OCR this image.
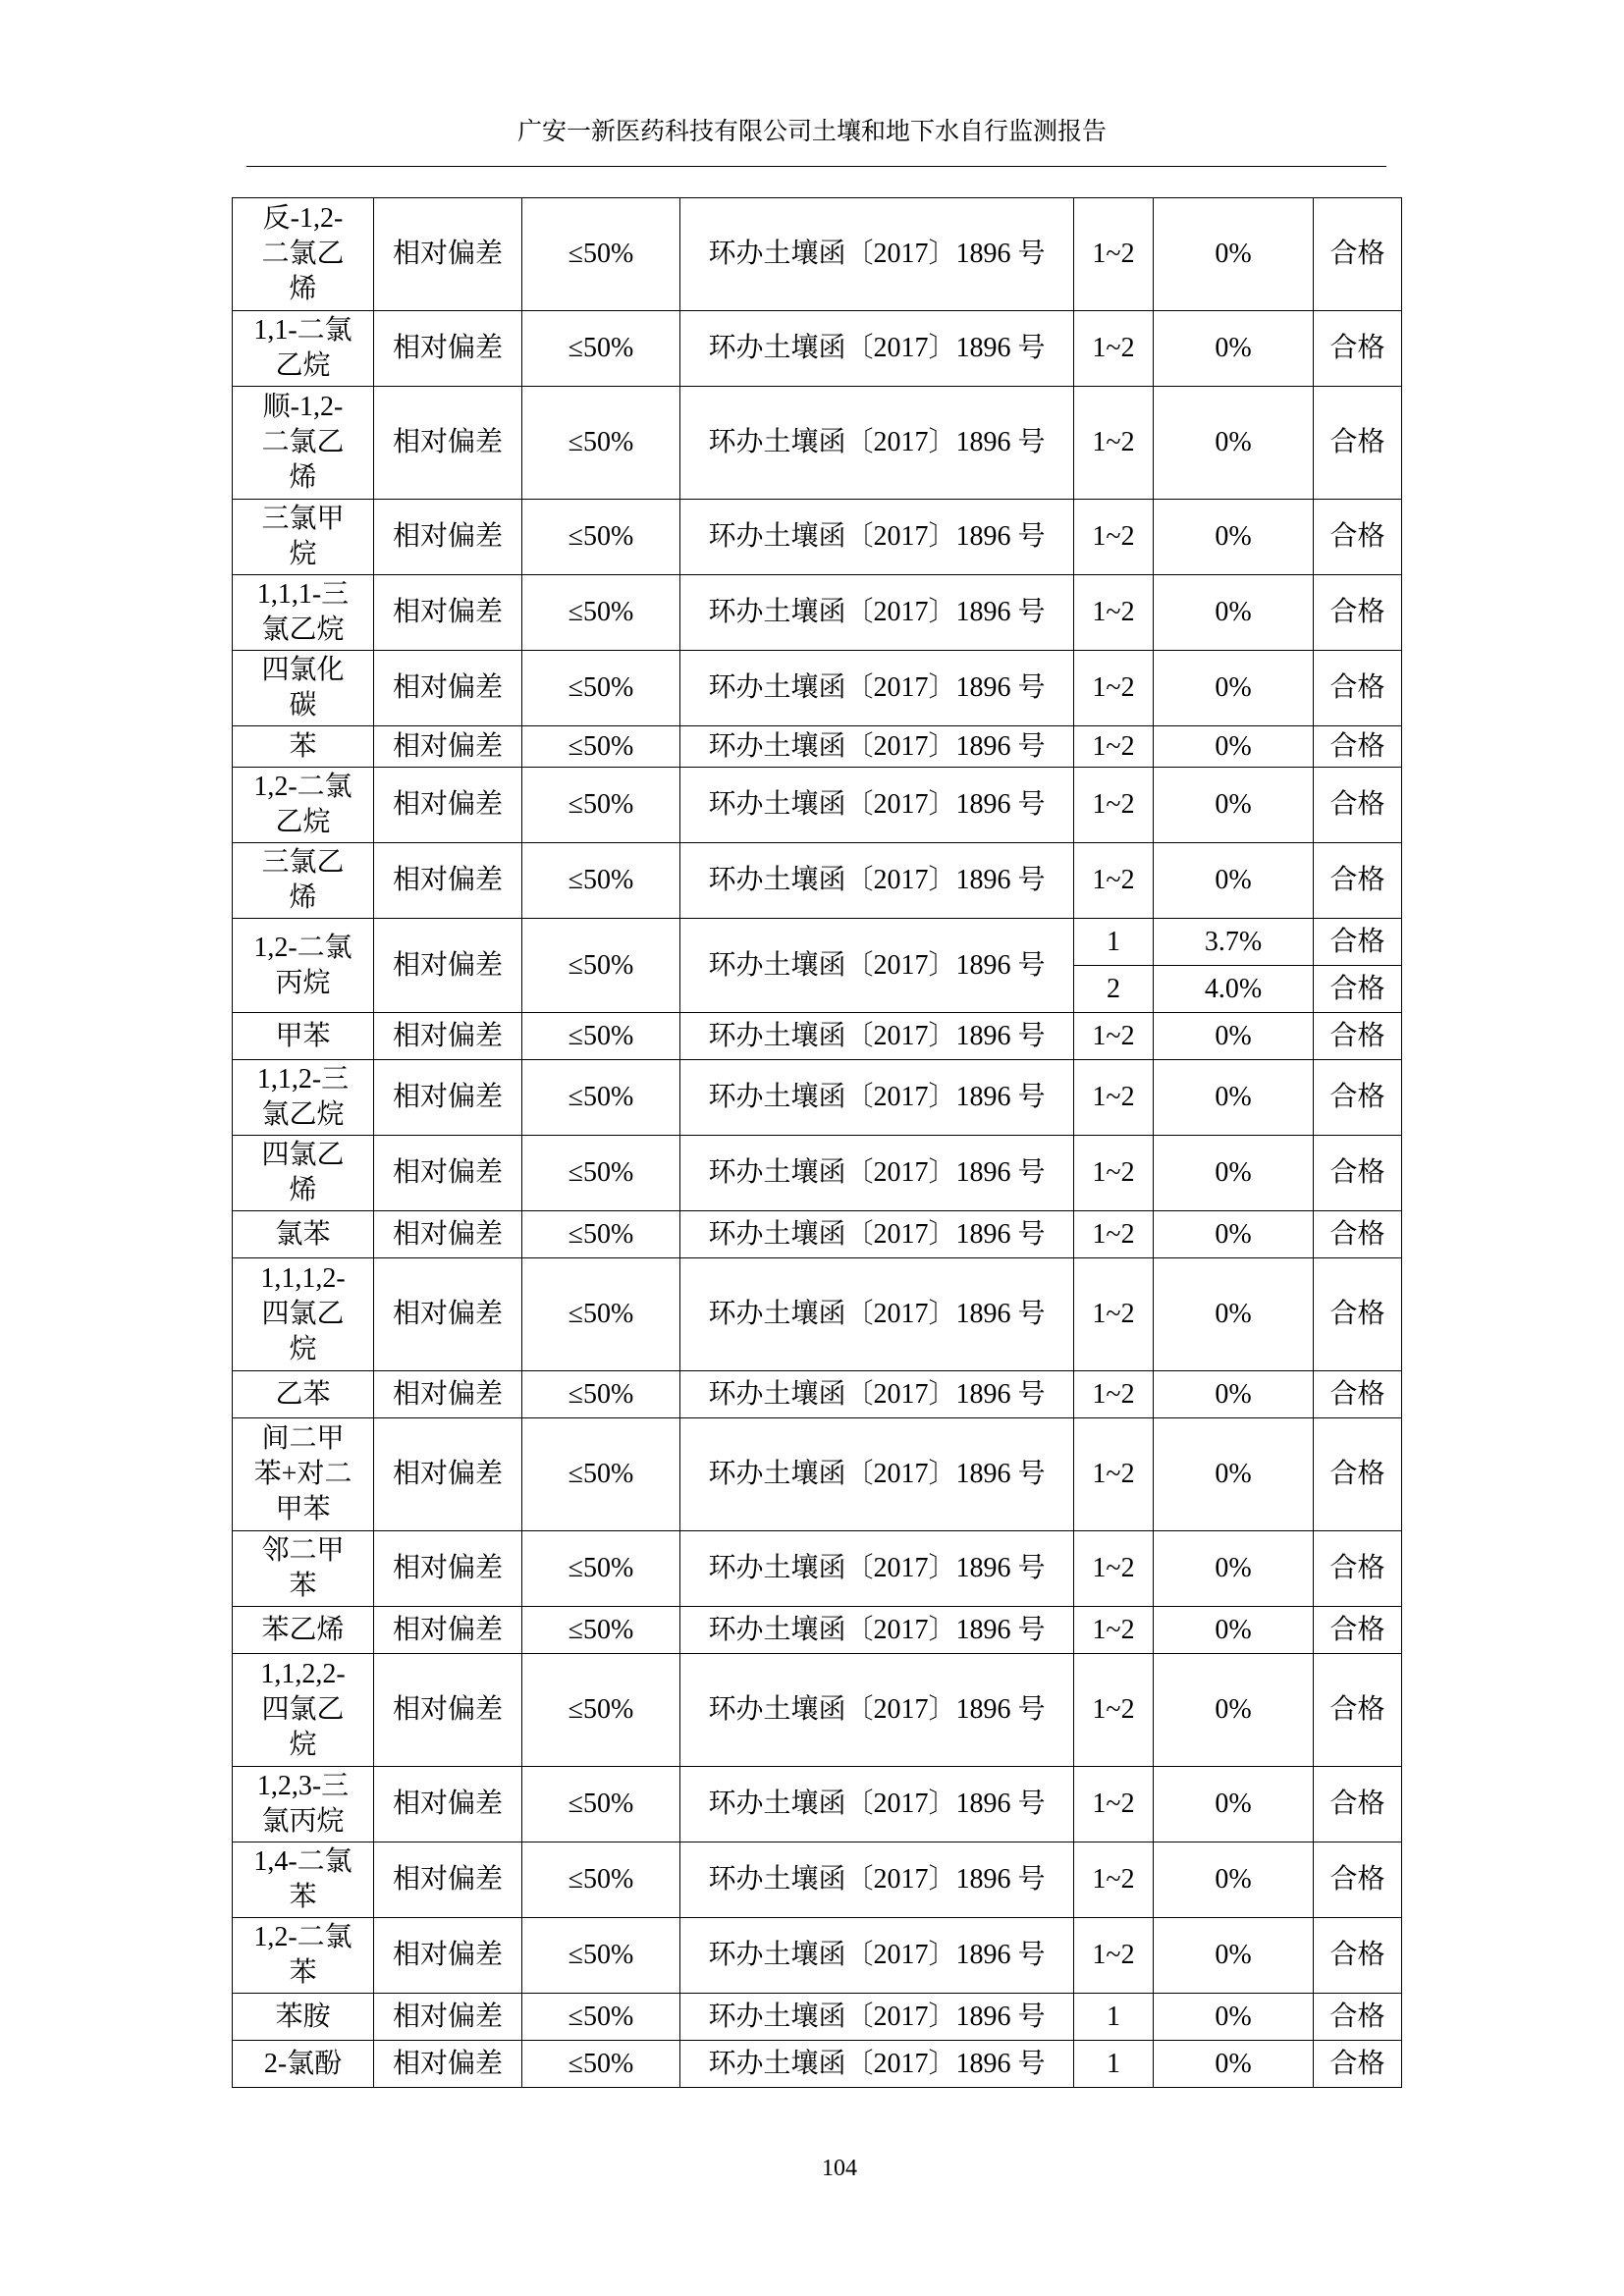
广安一新医药科技有限公司土壤和地下水自行监测报告
反-1,2-
二氯乙
烯	相对偏差	≤50%	环办土壤函〔2017〕1896 号	1~2	0%	合格
1,1-二氯
乙烷	相对偏差	≤50%	环办土壤函〔2017〕1896 号	1~2	0%	合格
顺-1,2-
二氯乙
烯	相对偏差	≤50%	环办土壤函〔2017〕1896 号	1~2	0%	合格
三氯甲
烷	相对偏差	≤50%	环办土壤函〔2017〕1896 号	1~2	0%	合格
1,1,1-三
氯乙烷	相对偏差	≤50%	环办土壤函〔2017〕1896 号	1~2	0%	合格
四氯化
碳	相对偏差	≤50%	环办土壤函〔2017〕1896 号	1~2	0%	合格
苯	相对偏差	≤50%	环办土壤函〔2017〕1896 号	1~2	0%	合格
1,2-二氯
乙烷	相对偏差	≤50%	环办土壤函〔2017〕1896 号	1~2	0%	合格
三氯乙
烯	相对偏差	≤50%	环办土壤函〔2017〕1896 号	1~2	0%	合格
1,2-二氯
丙烷	相对偏差	≤50%	环办土壤函〔2017〕1896 号	1	3.7%	合格
				2	4.0%	合格
甲苯	相对偏差	≤50%	环办土壤函〔2017〕1896 号	1~2	0%	合格
1,1,2-三
氯乙烷	相对偏差	≤50%	环办土壤函〔2017〕1896 号	1~2	0%	合格
四氯乙
烯	相对偏差	≤50%	环办土壤函〔2017〕1896 号	1~2	0%	合格
氯苯	相对偏差	≤50%	环办土壤函〔2017〕1896 号	1~2	0%	合格
1,1,1,2-
四氯乙
烷	相对偏差	≤50%	环办土壤函〔2017〕1896 号	1~2	0%	合格
乙苯	相对偏差	≤50%	环办土壤函〔2017〕1896 号	1~2	0%	合格
间二甲
苯+对二
甲苯	相对偏差	≤50%	环办土壤函〔2017〕1896 号	1~2	0%	合格
邻二甲
苯	相对偏差	≤50%	环办土壤函〔2017〕1896 号	1~2	0%	合格
苯乙烯	相对偏差	≤50%	环办土壤函〔2017〕1896 号	1~2	0%	合格
1,1,2,2-
四氯乙
烷	相对偏差	≤50%	环办土壤函〔2017〕1896 号	1~2	0%	合格
1,2,3-三
氯丙烷	相对偏差	≤50%	环办土壤函〔2017〕1896 号	1~2	0%	合格
1,4-二氯
苯	相对偏差	≤50%	环办土壤函〔2017〕1896 号	1~2	0%	合格
1,2-二氯
苯	相对偏差	≤50%	环办土壤函〔2017〕1896 号	1~2	0%	合格
苯胺	相对偏差	≤50%	环办土壤函〔2017〕1896 号	1	0%	合格
2-氯酚	相对偏差	≤50%	环办土壤函〔2017〕1896 号	1	0%	合格
104
